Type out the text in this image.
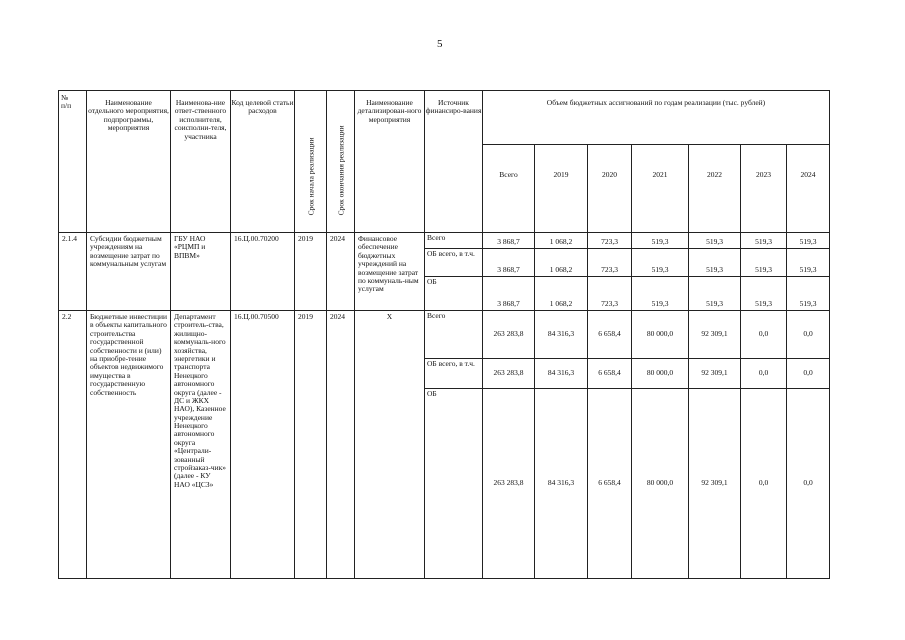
5
№
п/п	Наименование отдельного мероприятия, подпрограммы, мероприятия	Наименова-ние ответ-ственного исполнителя, соисполни-теля, участника	Код целевой статьи расходов	Срок начала реализации	Срок окончания реализации	Наименование детализирован-ного мероприятия	Источник финансиро-вания	Объем бюджетных ассигнований по годам реализации (тыс. рублей)						
								Всего	2019	2020	2021	2022	2023	2024
2.1.4	Субсидии бюджетным учреждениям на возмещение затрат по коммунальным услугам	ГБУ НАО «РЦМП и ВПВМ»	16.Ц.00.70200	2019	2024	Финансовое обеспечение бюджетных учреждений на возмещение затрат по коммуналь-ным услугам	Всего	3 868,7	1 068,2	723,3	519,3	519,3	519,3	519,3
							ОБ всего, в т.ч.	3 868,7	1 068,2	723,3	519,3	519,3	519,3	519,3
							ОБ	3 868,7	1 068,2	723,3	519,3	519,3	519,3	519,3
2.2	Бюджетные инвестиции в объекты капитального строительства государственной собственности и (или) на приобре-тение объектов недвижимого имущества в государственную собственность	Департамент строитель-ства, жилищно-коммуналь-ного хозяйства, энергетики и транспорта Ненецкого автономного округа (далее - ДС и ЖКХ НАО), Казенное учреждение Ненецкого автономного округа «Централи-зованный стройзаказ-чик» (далее - КУ НАО «ЦСЗ»	16.Ц.00.70500	2019	2024	Х	Всего	263 283,8	84 316,3	6 658,4	80 000,0	92 309,1	0,0	0,0
							ОБ всего, в т.ч.	263 283,8	84 316,3	6 658,4	80 000,0	92 309,1	0,0	0,0
							ОБ	263 283,8	84 316,3	6 658,4	80 000,0	92 309,1	0,0	0,0
